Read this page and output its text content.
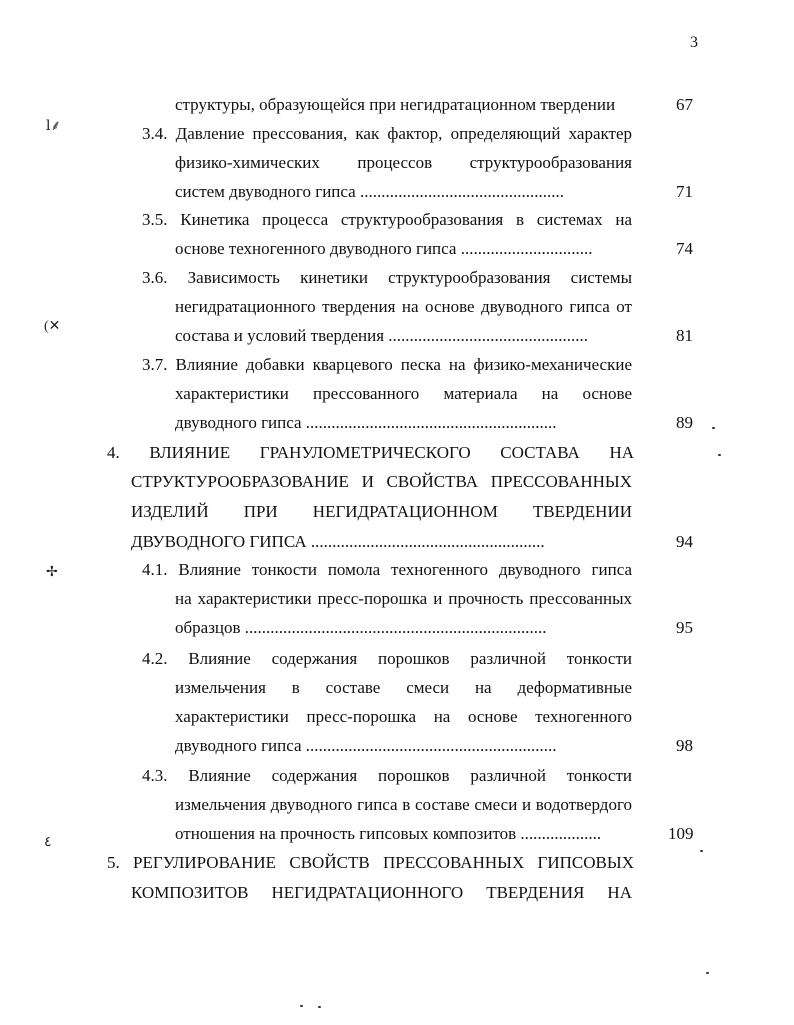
3
структуры, образующейся при негидратационном твердении	67
3.4. Давление прессования, как фактор, определяющий характер
физико-химических процессов структурообразования
систем двуводного гипса ................................................	71
3.5. Кинетика процесса структурообразования в системах на
основе техногенного двуводного гипса ...............................	74
3.6. Зависимость кинетики структурообразования системы
негидратационного твердения на основе двуводного гипса от
состава и условий твердения ...............................................	81
3.7. Влияние добавки кварцевого песка на физико-механические
характеристики прессованного материала на основе
двуводного гипса ...........................................................	89
4. ВЛИЯНИЕ ГРАНУЛОМЕТРИЧЕСКОГО СОСТАВА НА
СТРУКТУРООБРАЗОВАНИЕ И СВОЙСТВА ПРЕССОВАННЫХ
ИЗДЕЛИЙ ПРИ НЕГИДРАТАЦИОННОМ ТВЕРДЕНИИ
ДВУВОДНОГО ГИПСА .......................................................	94
4.1. Влияние тонкости помола техногенного двуводного гипса
на характеристики пресс-порошка и прочность прессованных
образцов .......................................................................	95
4.2. Влияние содержания порошков различной тонкости
измельчения в составе смеси на деформативные
характеристики пресс-порошка на основе техногенного
двуводного гипса ...........................................................	98
4.3. Влияние содержания порошков различной тонкости
измельчения двуводного гипса в составе смеси и водотвердого
отношения на прочность гипсовых композитов ...................	109
5. РЕГУЛИРОВАНИЕ СВОЙСТВ ПРЕССОВАННЫХ ГИПСОВЫХ
КОМПОЗИТОВ НЕГИДРАТАЦИОННОГО ТВЕРДЕНИЯ НА
ⅼ⸙
(✕
✢
٤
